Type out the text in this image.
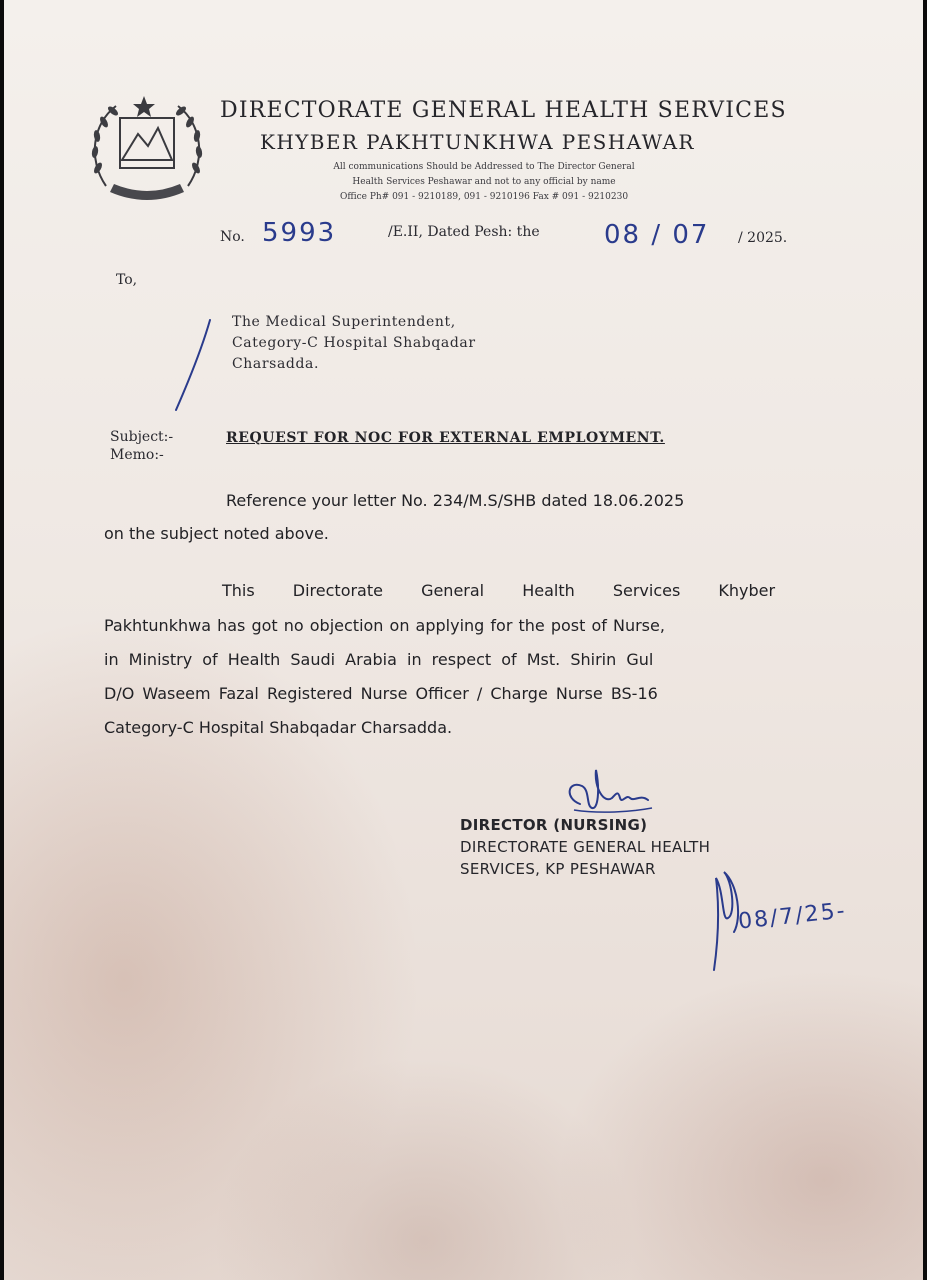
DIRECTORATE GENERAL HEALTH SERVICES
KHYBER PAKHTUNKHWA PESHAWAR
All communications Should be Addressed to The Director General
Health Services Peshawar and not to any official by name
Office Ph# 091 - 9210189, 091 - 9210196 Fax # 091 - 9210230
No. 5993	/E.II, Dated Pesh: the 08 / 07 / 2025.
To,
The Medical Superintendent,
Category-C Hospital Shabqadar
Charsadda.
Subject:-
Memo:-
REQUEST FOR NOC FOR EXTERNAL EMPLOYMENT.
Reference your letter No. 234/M.S/SHB dated 18.06.2025
on the subject noted above.
This Directorate General Health Services Khyber
Pakhtunkhwa has got no objection on applying for the post of Nurse,
in Ministry of Health Saudi Arabia in respect of Mst. Shirin Gul
D/O Waseem Fazal Registered Nurse Officer / Charge Nurse BS-16
Category-C Hospital Shabqadar Charsadda.
DIRECTOR (NURSING)
DIRECTORATE GENERAL HEALTH
SERVICES, KP PESHAWAR
08/7/25-
